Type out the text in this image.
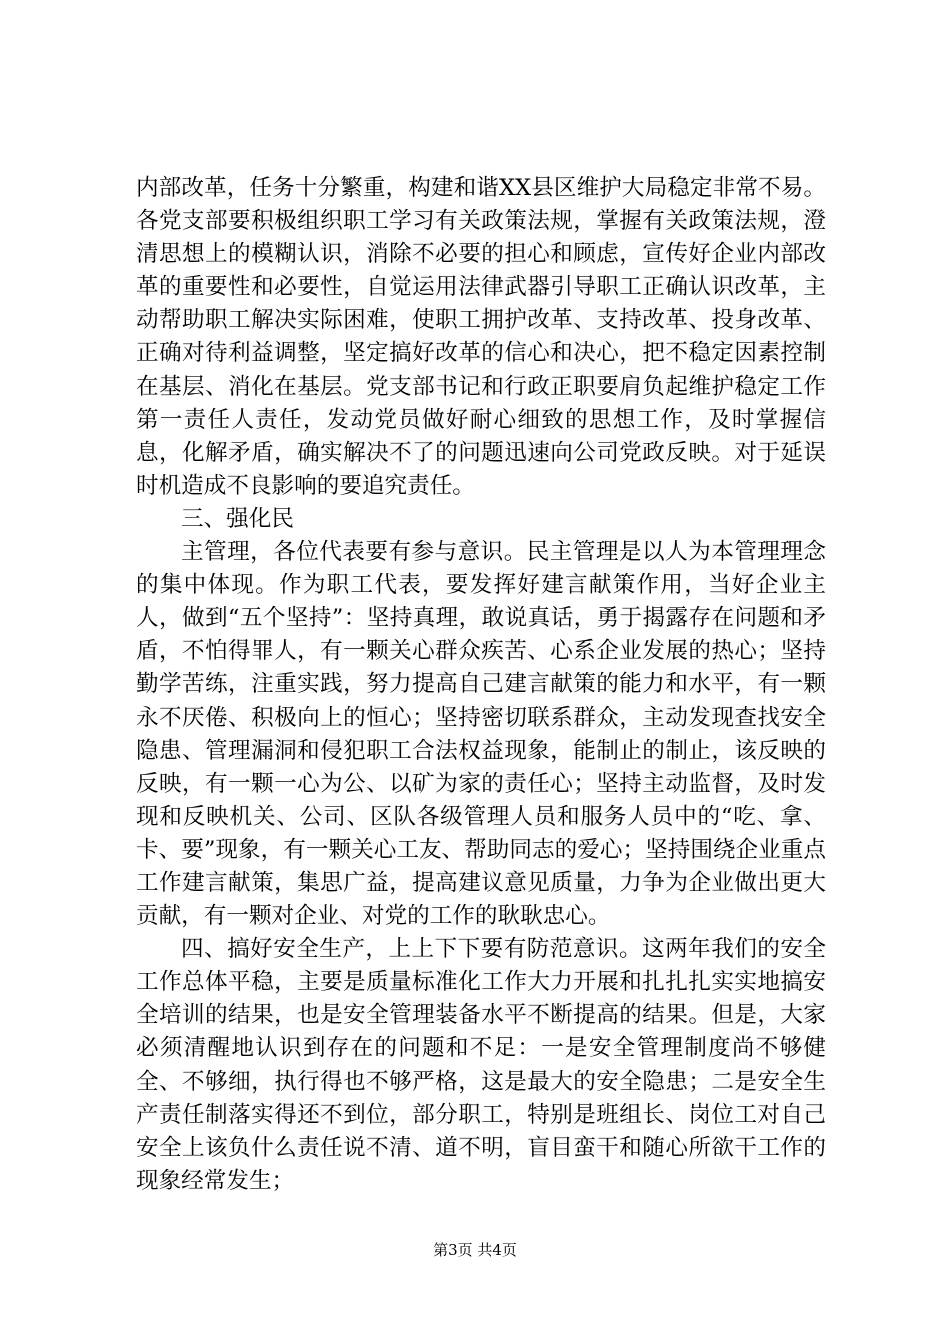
内部改革，任务十分繁重，构建和谐XX县区维护大局稳定非常不易。各党支部要积极组织职工学习有关政策法规，掌握有关政策法规，澄清思想上的模糊认识，消除不必要的担心和顾虑，宣传好企业内部改革的重要性和必要性，自觉运用法律武器引导职工正确认识改革，主动帮助职工解决实际困难，使职工拥护改革、支持改革、投身改革、正确对待利益调整，坚定搞好改革的信心和决心，把不稳定因素控制在基层、消化在基层。党支部书记和行政正职要肩负起维护稳定工作第一责任人责任，发动党员做好耐心细致的思想工作，及时掌握信息，化解矛盾，确实解决不了的问题迅速向公司党政反映。对于延误时机造成不良影响的要追究责任。

三、强化民

主管理，各位代表要有参与意识。民主管理是以人为本管理理念的集中体现。作为职工代表，要发挥好建言献策作用，当好企业主人，做到“五个坚持”：坚持真理，敢说真话，勇于揭露存在问题和矛盾，不怕得罪人，有一颗关心群众疾苦、心系企业发展的热心；坚持勤学苦练，注重实践，努力提高自己建言献策的能力和水平，有一颗永不厌倦、积极向上的恒心；坚持密切联系群众，主动发现查找安全隐患、管理漏洞和侵犯职工合法权益现象，能制止的制止，该反映的反映，有一颗一心为公、以矿为家的责任心；坚持主动监督，及时发现和反映机关、公司、区队各级管理人员和服务人员中的“吃、拿、卡、要”现象，有一颗关心工友、帮助同志的爱心；坚持围绕企业重点工作建言献策，集思广益，提高建议意见质量，力争为企业做出更大贡献，有一颗对企业、对党的工作的耿耿忠心。

四、搞好安全生产，上上下下要有防范意识。这两年我们的安全工作总体平稳，主要是质量标准化工作大力开展和扎扎扎实实地搞安全培训的结果，也是安全管理装备水平不断提高的结果。但是，大家必须清醒地认识到存在的问题和不足：一是安全管理制度尚不够健全、不够细，执行得也不够严格，这是最大的安全隐患；二是安全生产责任制落实得还不到位，部分职工，特别是班组长、岗位工对自己安全上该负什么责任说不清、道不明，盲目蛮干和随心所欲干工作的现象经常发生；

第3页 共4页
